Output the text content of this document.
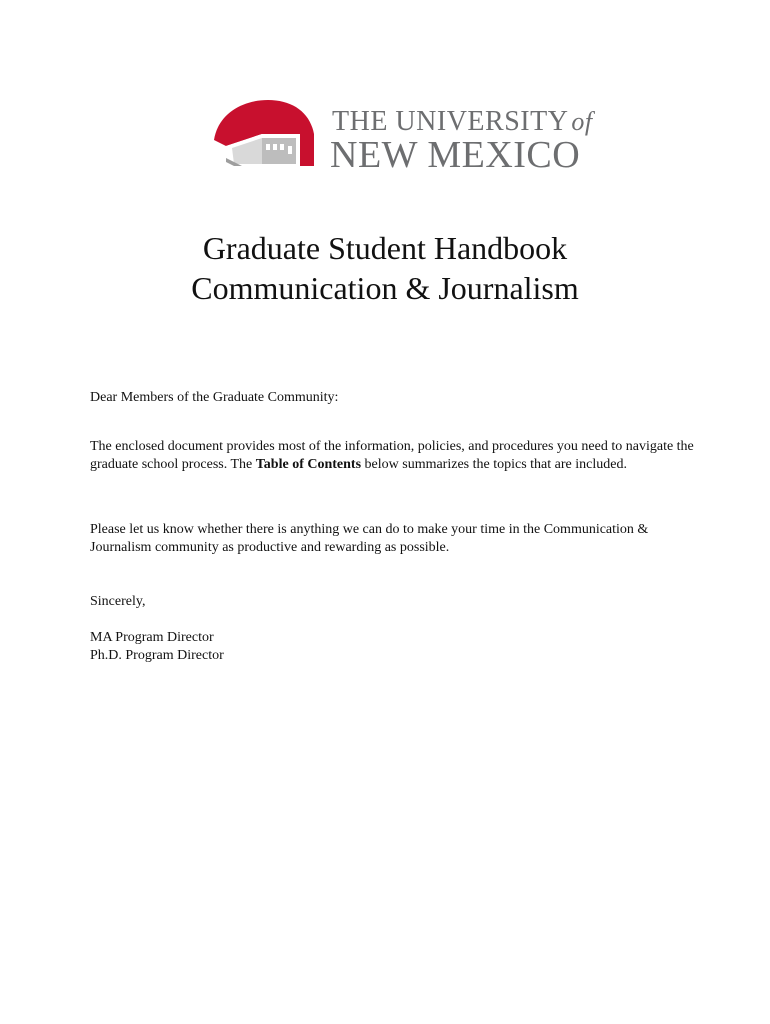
THE UNIVERSITY of
NEW MEXICO
Graduate Student Handbook
Communication & Journalism
Dear Members of the Graduate Community:
The enclosed document provides most of the information, policies, and procedures you need to navigate the graduate school process. The Table of Contents below summarizes the topics that are included.
Please let us know whether there is anything we can do to make your time in the Communication & Journalism community as productive and rewarding as possible.
Sincerely,
MA Program Director
Ph.D. Program Director
